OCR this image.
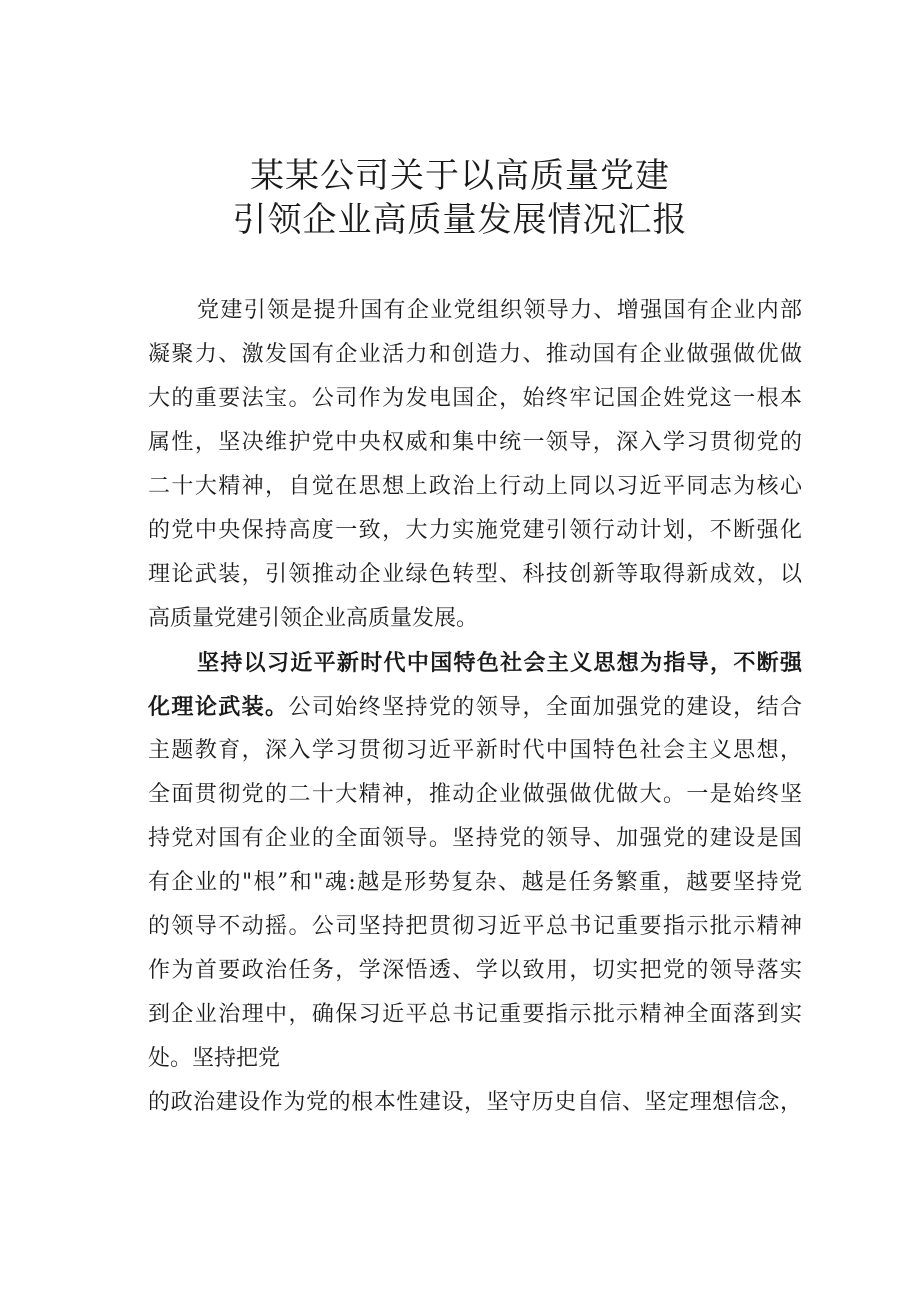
某某公司关于以高质量党建
引领企业高质量发展情况汇报

党建引领是提升国有企业党组织领导力、增强国有企业内部

凝聚力、激发国有企业活力和创造力、推动国有企业做强做优做

大的重要法宝。公司作为发电国企，始终牢记国企姓党这一根本

属性，坚决维护党中央权威和集中统一领导，深入学习贯彻党的

二十大精神，自觉在思想上政治上行动上同以习近平同志为核心

的党中央保持高度一致，大力实施党建引领行动计划，不断强化

理论武装，引领推动企业绿色转型、科技创新等取得新成效，以

高质量党建引领企业高质量发展。

坚持以习近平新时代中国特色社会主义思想为指导，不断强

化理论武装。公司始终坚持党的领导，全面加强党的建设，结合

主题教育，深入学习贯彻习近平新时代中国特色社会主义思想，

全面贯彻党的二十大精神，推动企业做强做优做大。一是始终坚

持党对国有企业的全面领导。坚持党的领导、加强党的建设是国

有企业的"根”和"魂:越是形势复杂、越是任务繁重，越要坚持党

的领导不动摇。公司坚持把贯彻习近平总书记重要指示批示精神

作为首要政治任务，学深悟透、学以致用，切实把党的领导落实

到企业治理中，确保习近平总书记重要指示批示精神全面落到实

处。坚持把党

的政治建设作为党的根本性建设，坚守历史自信、坚定理想信念，
